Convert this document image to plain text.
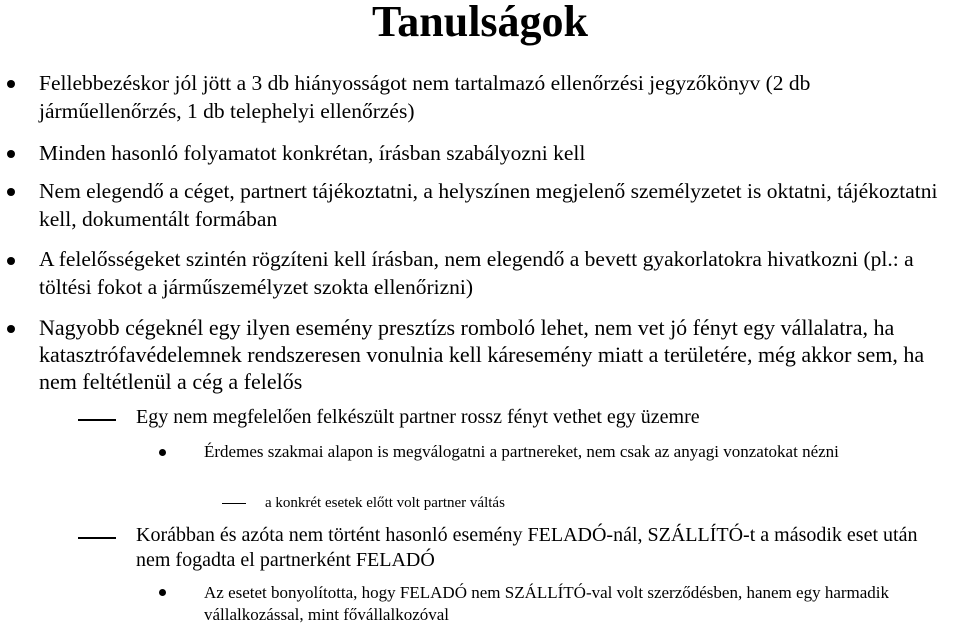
Tanulságok
Fellebbezéskor jól jött a 3 db hiányosságot nem tartalmazó ellenőrzési jegyzőkönyv (2 db járműellenőrzés, 1 db telephelyi ellenőrzés)
Minden hasonló folyamatot konkrétan, írásban szabályozni kell
Nem elegendő a céget, partnert tájékoztatni, a helyszínen megjelenő személyzetet is oktatni, tájékoztatni kell, dokumentált formában
A felelősségeket szintén rögzíteni kell írásban, nem elegendő a bevett gyakorlatokra hivatkozni (pl.: a töltési fokot a járműszemélyzet szokta ellenőrizni)
Nagyobb cégeknél egy ilyen esemény presztízs romboló lehet, nem vet jó fényt egy vállalatra, ha katasztrófavédelemnek rendszeresen vonulnia kell káresemény miatt a területére, még akkor sem, ha nem feltétlenül a cég a felelős
Egy nem megfelelően felkészült partner rossz fényt vethet egy üzemre
Érdemes szakmai alapon is megválogatni a partnereket, nem csak az anyagi vonzatokat nézni
a konkrét esetek előtt volt partner váltás
Korábban és azóta nem történt hasonló esemény FELADÓ-nál, SZÁLLÍTÓ-t a második eset után nem fogadta el partnerként FELADÓ
Az esetet bonyolította, hogy FELADÓ nem SZÁLLÍTÓ-val volt szerződésben, hanem egy harmadik vállalkozással, mint fővállalkozóval
